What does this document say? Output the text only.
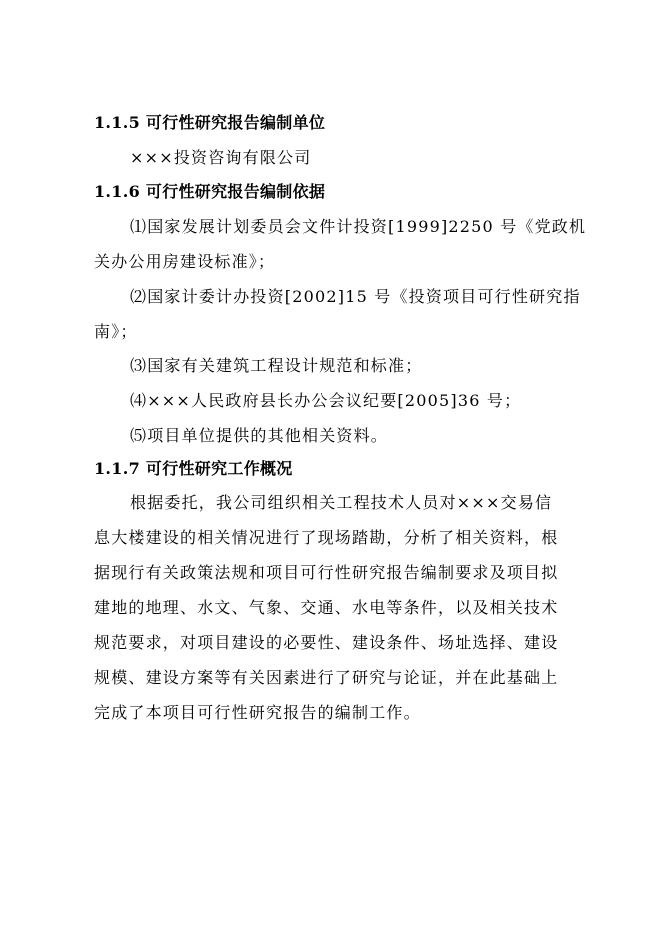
1.1.5 可行性研究报告编制单位
×××投资咨询有限公司
1.1.6 可行性研究报告编制依据
⑴国家发展计划委员会文件计投资[1999]2250 号《党政机
关办公用房建设标准》；
⑵国家计委计办投资[2002]15 号《投资项目可行性研究指
南》；
⑶国家有关建筑工程设计规范和标准；
⑷×××人民政府县长办公会议纪要[2005]36 号；
⑸项目单位提供的其他相关资料。
1.1.7 可行性研究工作概况
根据委托，我公司组织相关工程技术人员对×××交易信
息大楼建设的相关情况进行了现场踏勘，分析了相关资料，根
据现行有关政策法规和项目可行性研究报告编制要求及项目拟
建地的地理、水文、气象、交通、水电等条件，以及相关技术
规范要求，对项目建设的必要性、建设条件、场址选择、建设
规模、建设方案等有关因素进行了研究与论证，并在此基础上
完成了本项目可行性研究报告的编制工作。
